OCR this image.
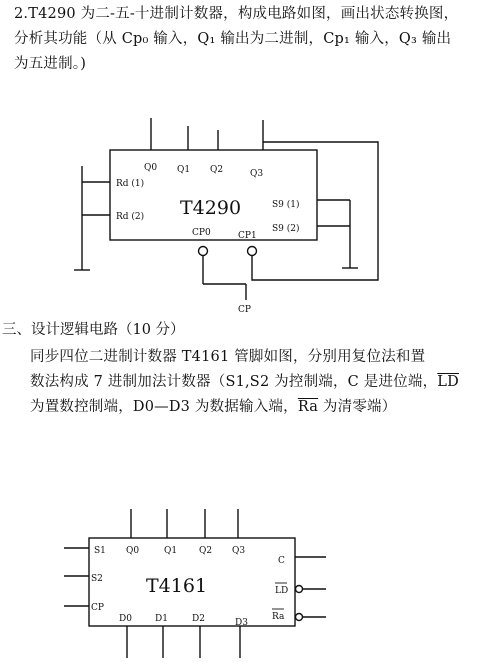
2.T4290 为二-五-十进制计数器，构成电路如图，画出状态转换图，
分析其功能（从 Cp₀ 输入，Q₁ 输出为二进制，Cp₁ 输入，Q₃ 输出
为五进制。)
三、设计逻辑电路（10 分）
同步四位二进制计数器 T4161 管脚如图，分别用复位法和置
数法构成 7 进制加法计数器（S1,S2 为控制端，C 是进位端，$\overline{LD}$
为置数控制端，D0—D3 为数据输入端，$\overline{Ra}$ 为清零端）
Q0 Q1 Q2	Q3
Rd (1)
Rd (2)
S9 (1)
S9 (2)
CP0	CP1
T4290
CP
S1 Q0	Q1 Q2 Q3
C
S2
LD
CP
D0	D1	D2	D3
Ra
T4161
